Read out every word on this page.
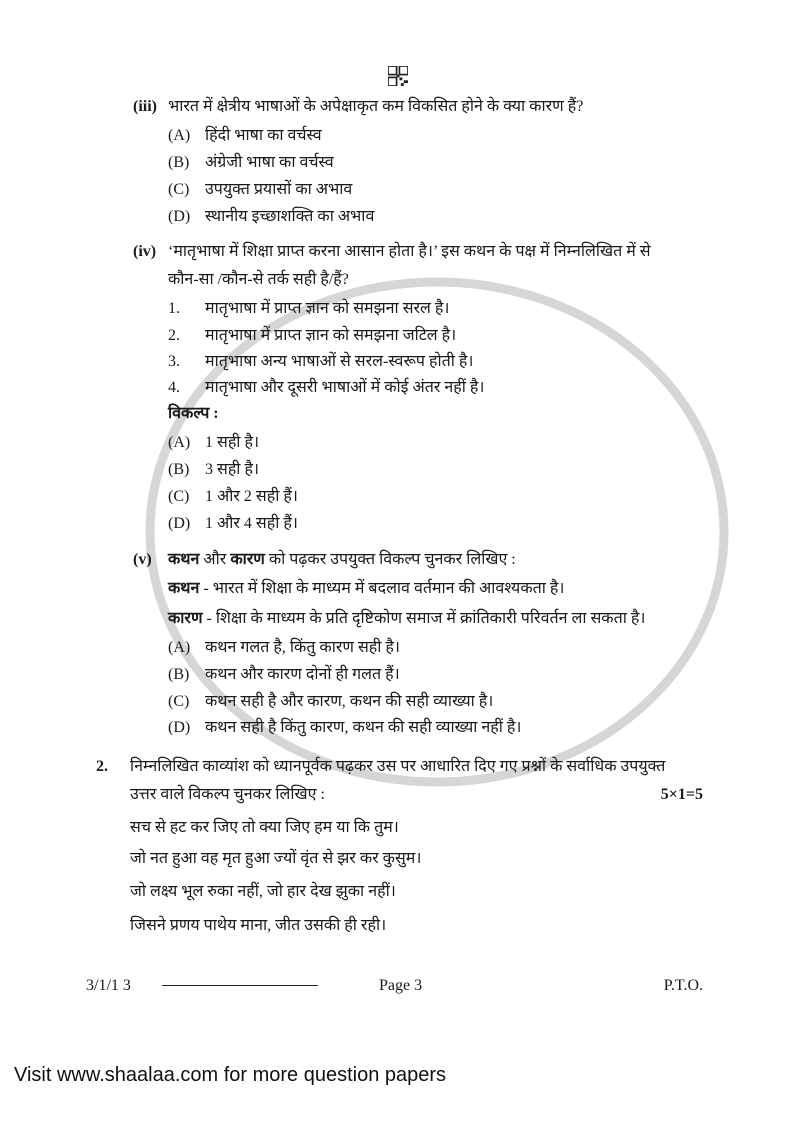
(iii) भारत में क्षेत्रीय भाषाओं के अपेक्षाकृत कम विकसित होने के क्या कारण हैं?
(A) हिंदी भाषा का वर्चस्व
(B) अंग्रेजी भाषा का वर्चस्व
(C) उपयुक्त प्रयासों का अभाव
(D) स्थानीय इच्छाशक्ति का अभाव
(iv) ‘मातृभाषा में शिक्षा प्राप्त करना आसान होता है।’ इस कथन के पक्ष में निम्नलिखित में से
कौन-सा /कौन-से तर्क सही है/हैं?
1. मातृभाषा में प्राप्त ज्ञान को समझना सरल है।
2. मातृभाषा में प्राप्त ज्ञान को समझना जटिल है।
3. मातृभाषा अन्य भाषाओं से सरल-स्वरूप होती है।
4. मातृभाषा और दूसरी भाषाओं में कोई अंतर नहीं है।
विकल्प :
(A) 1 सही है।
(B) 3 सही है।
(C) 1 और 2 सही हैं।
(D) 1 और 4 सही हैं।
(v) कथन और कारण को पढ़कर उपयुक्त विकल्प चुनकर लिखिए :
कथन - भारत में शिक्षा के माध्यम में बदलाव वर्तमान की आवश्यकता है।
कारण - शिक्षा के माध्यम के प्रति दृष्टिकोण समाज में क्रांतिकारी परिवर्तन ला सकता है।
(A) कथन गलत है, किंतु कारण सही है।
(B) कथन और कारण दोनों ही गलत हैं।
(C) कथन सही है और कारण, कथन की सही व्याख्या है।
(D) कथन सही है किंतु कारण, कथन की सही व्याख्या नहीं है।
2. निम्नलिखित काव्यांश को ध्यानपूर्वक पढ़कर उस पर आधारित दिए गए प्रश्नों के सर्वाधिक उपयुक्त
उत्तर वाले विकल्प चुनकर लिखिए :	5×1=5
सच से हट कर जिए तो क्या जिए हम या कि तुम।
जो नत हुआ वह मृत हुआ ज्यों वृंत से झर कर कुसुम।
जो लक्ष्य भूल रुका नहीं, जो हार देख झुका नहीं।
जिसने प्रणय पाथेय माना, जीत उसकी ही रही।
3/1/1 3	Page 3	P.T.O.
Visit www.shaalaa.com for more question papers
